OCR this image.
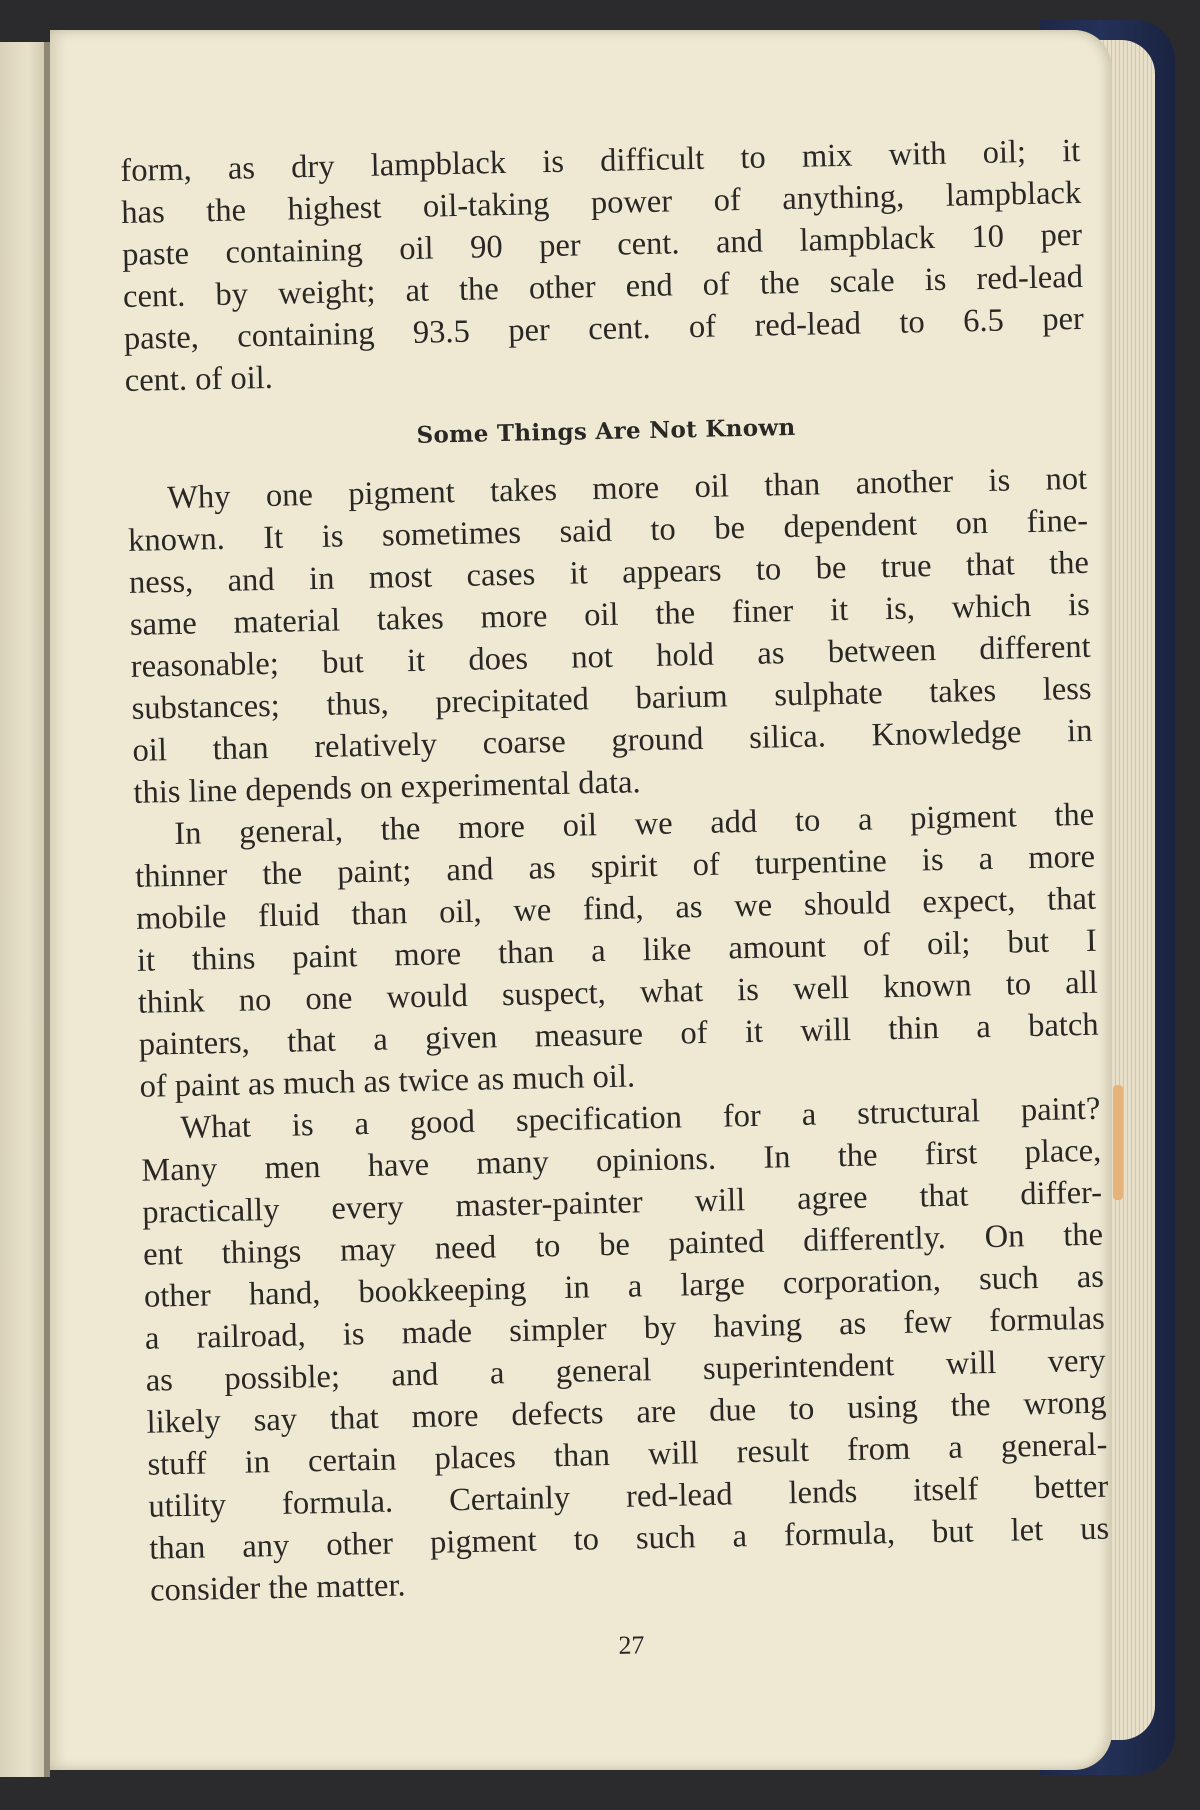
form, as dry lampblack is difficult to mix with oil; it
has the highest oil-taking power of anything, lampblack
paste containing oil 90 per cent. and lampblack 10 per
cent. by weight; at the other end of the scale is red-lead
paste, containing 93.5 per cent. of red-lead to 6.5 per
cent. of oil.
Some Things Are Not Known
Why one pigment takes more oil than another is not
known. It is sometimes said to be dependent on fine-
ness, and in most cases it appears to be true that the
same material takes more oil the finer it is, which is
reasonable; but it does not hold as between different
substances; thus, precipitated barium sulphate takes less
oil than relatively coarse ground silica. Knowledge in
this line depends on experimental data.
In general, the more oil we add to a pigment the
thinner the paint; and as spirit of turpentine is a more
mobile fluid than oil, we find, as we should expect, that
it thins paint more than a like amount of oil; but I
think no one would suspect, what is well known to all
painters, that a given measure of it will thin a batch
of paint as much as twice as much oil.
What is a good specification for a structural paint?
Many men have many opinions. In the first place,
practically every master-painter will agree that differ-
ent things may need to be painted differently. On the
other hand, bookkeeping in a large corporation, such as
a railroad, is made simpler by having as few formulas
as possible; and a general superintendent will very
likely say that more defects are due to using the wrong
stuff in certain places than will result from a general-
utility formula. Certainly red-lead lends itself better
than any other pigment to such a formula, but let us
consider the matter.
27
